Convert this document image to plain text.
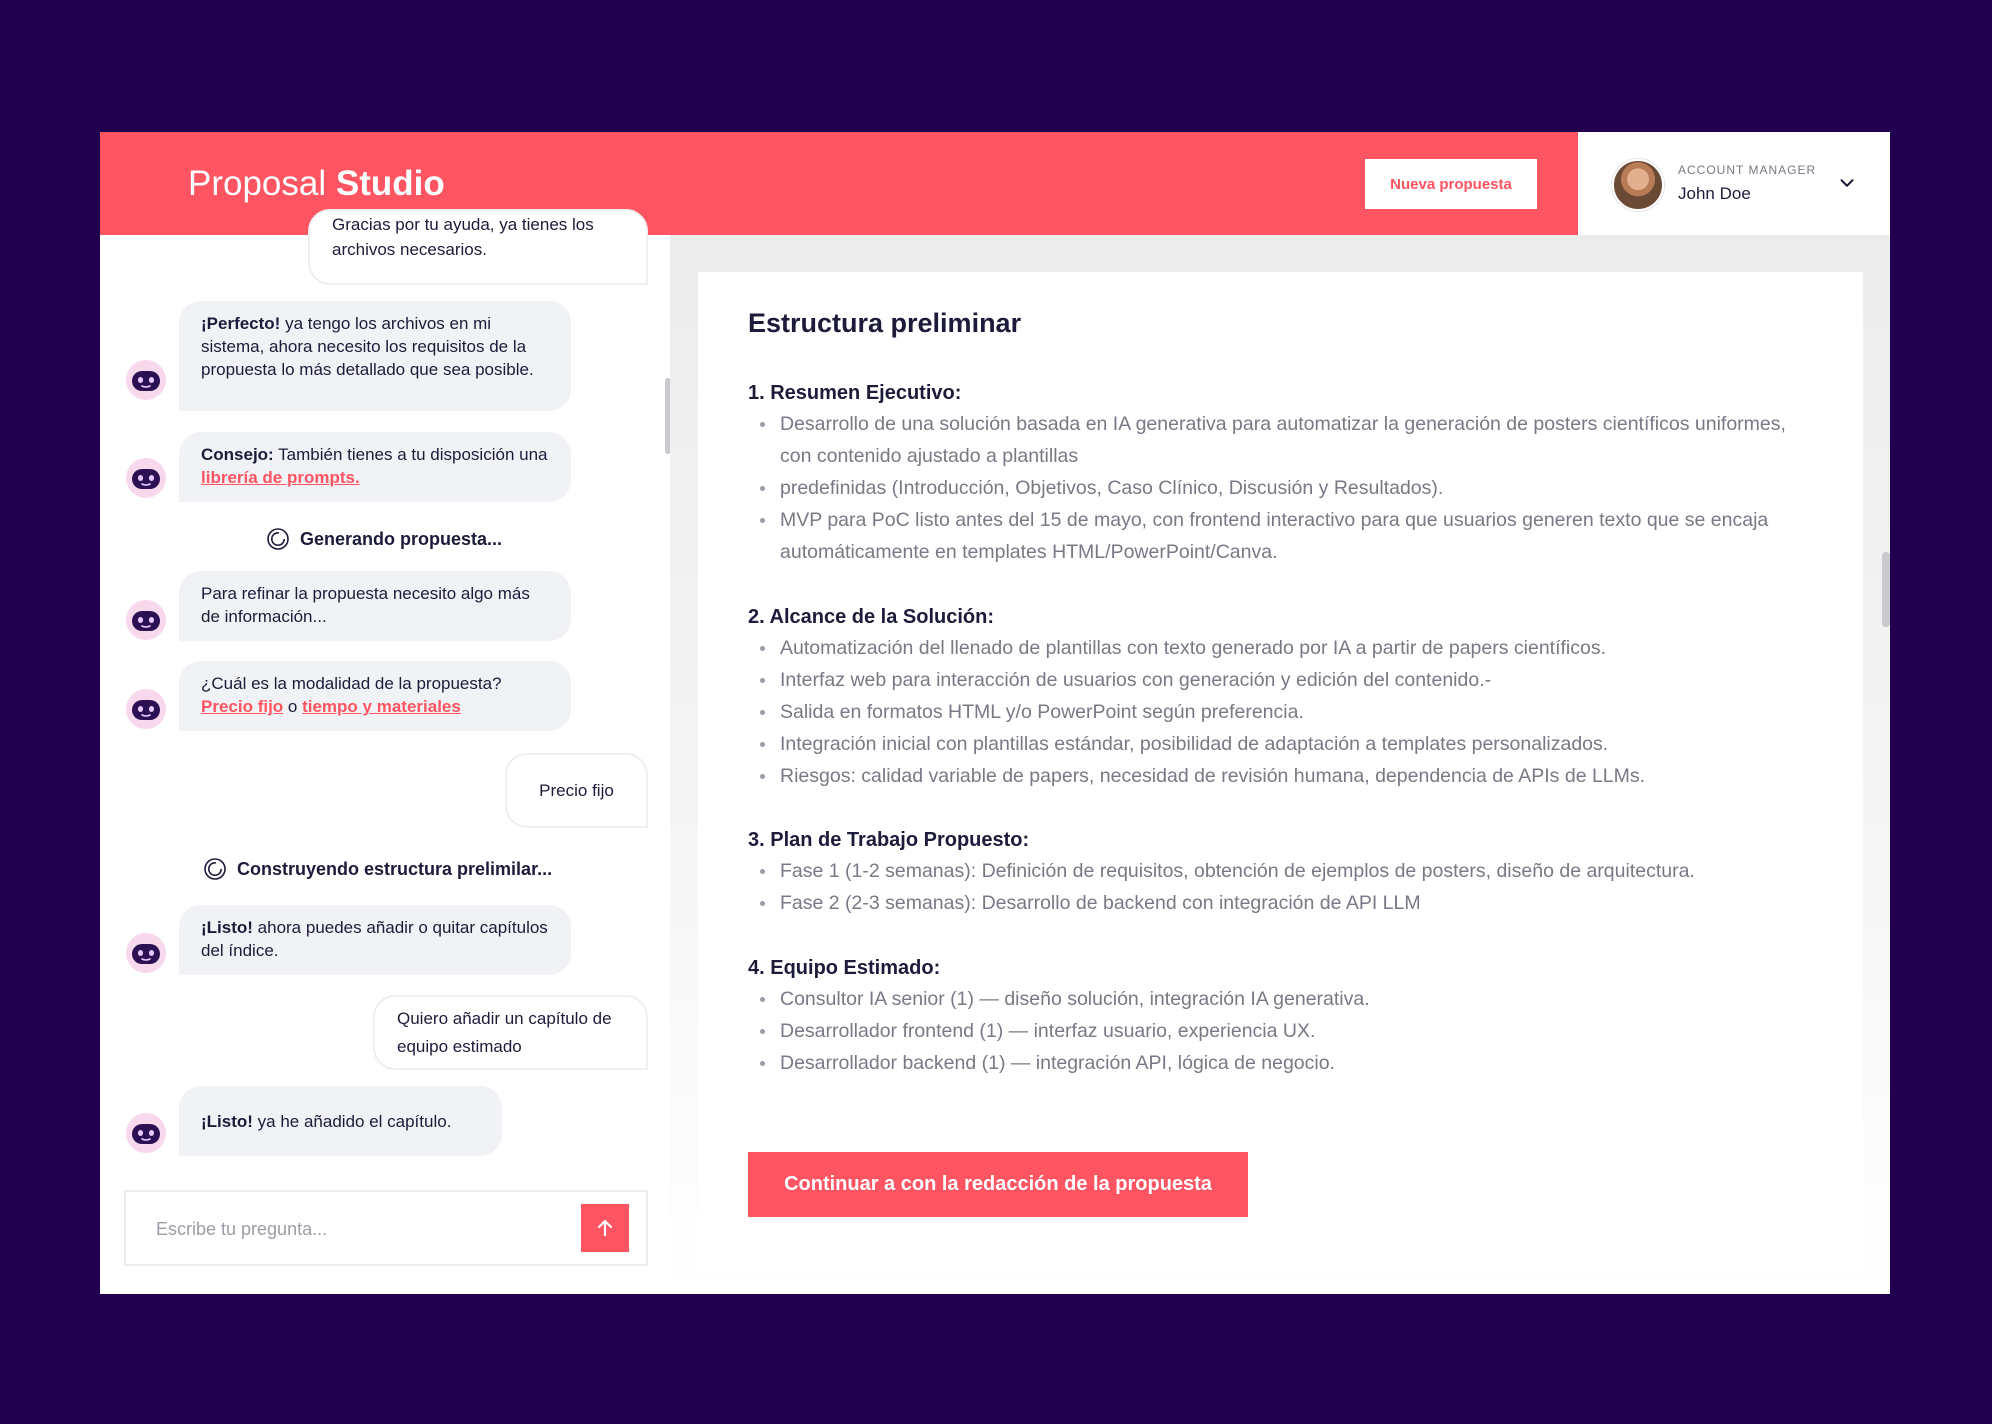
Proposal Studio	Nueva propuesta
ACCOUNT MANAGER
John Doe
Gracias por tu ayuda, ya tienes los
archivos necesarios.
¡Perfecto! ya tengo los archivos en mi sistema, ahora necesito los requisitos de la propuesta lo más detallado que sea posible.
Consejo: También tienes a tu disposición una librería de prompts.
Generando propuesta...
Para refinar la propuesta necesito algo más de información...
¿Cuál es la modalidad de la propuesta?
Precio fijo o tiempo y materiales
Precio fijo
Construyendo estructura prelimilar...
¡Listo! ahora puedes añadir o quitar capítulos del índice.
Quiero añadir un capítulo de equipo estimado
¡Listo! ya he añadido el capítulo.
Escribe tu pregunta...
Estructura preliminar
1. Resumen Ejecutivo:
Desarrollo de una solución basada en IA generativa para automatizar la generación de posters científicos uniformes, con contenido ajustado a plantillas
predefinidas (Introducción, Objetivos, Caso Clínico, Discusión y Resultados).
MVP para PoC listo antes del 15 de mayo, con frontend interactivo para que usuarios generen texto que se encaja automáticamente en templates HTML/PowerPoint/Canva.
2. Alcance de la Solución:
Automatización del llenado de plantillas con texto generado por IA a partir de papers científicos.
Interfaz web para interacción de usuarios con generación y edición del contenido.-
Salida en formatos HTML y/o PowerPoint según preferencia.
Integración inicial con plantillas estándar, posibilidad de adaptación a templates personalizados.
Riesgos: calidad variable de papers, necesidad de revisión humana, dependencia de APIs de LLMs.
3. Plan de Trabajo Propuesto:
Fase 1 (1-2 semanas): Definición de requisitos, obtención de ejemplos de posters, diseño de arquitectura.
Fase 2 (2-3 semanas): Desarrollo de backend con integración de API LLM
4. Equipo Estimado:
Consultor IA senior (1) — diseño solución, integración IA generativa.
Desarrollador frontend (1) — interfaz usuario, experiencia UX.
Desarrollador backend (1) — integración API, lógica de negocio.
Continuar a con la redacción de la propuesta
